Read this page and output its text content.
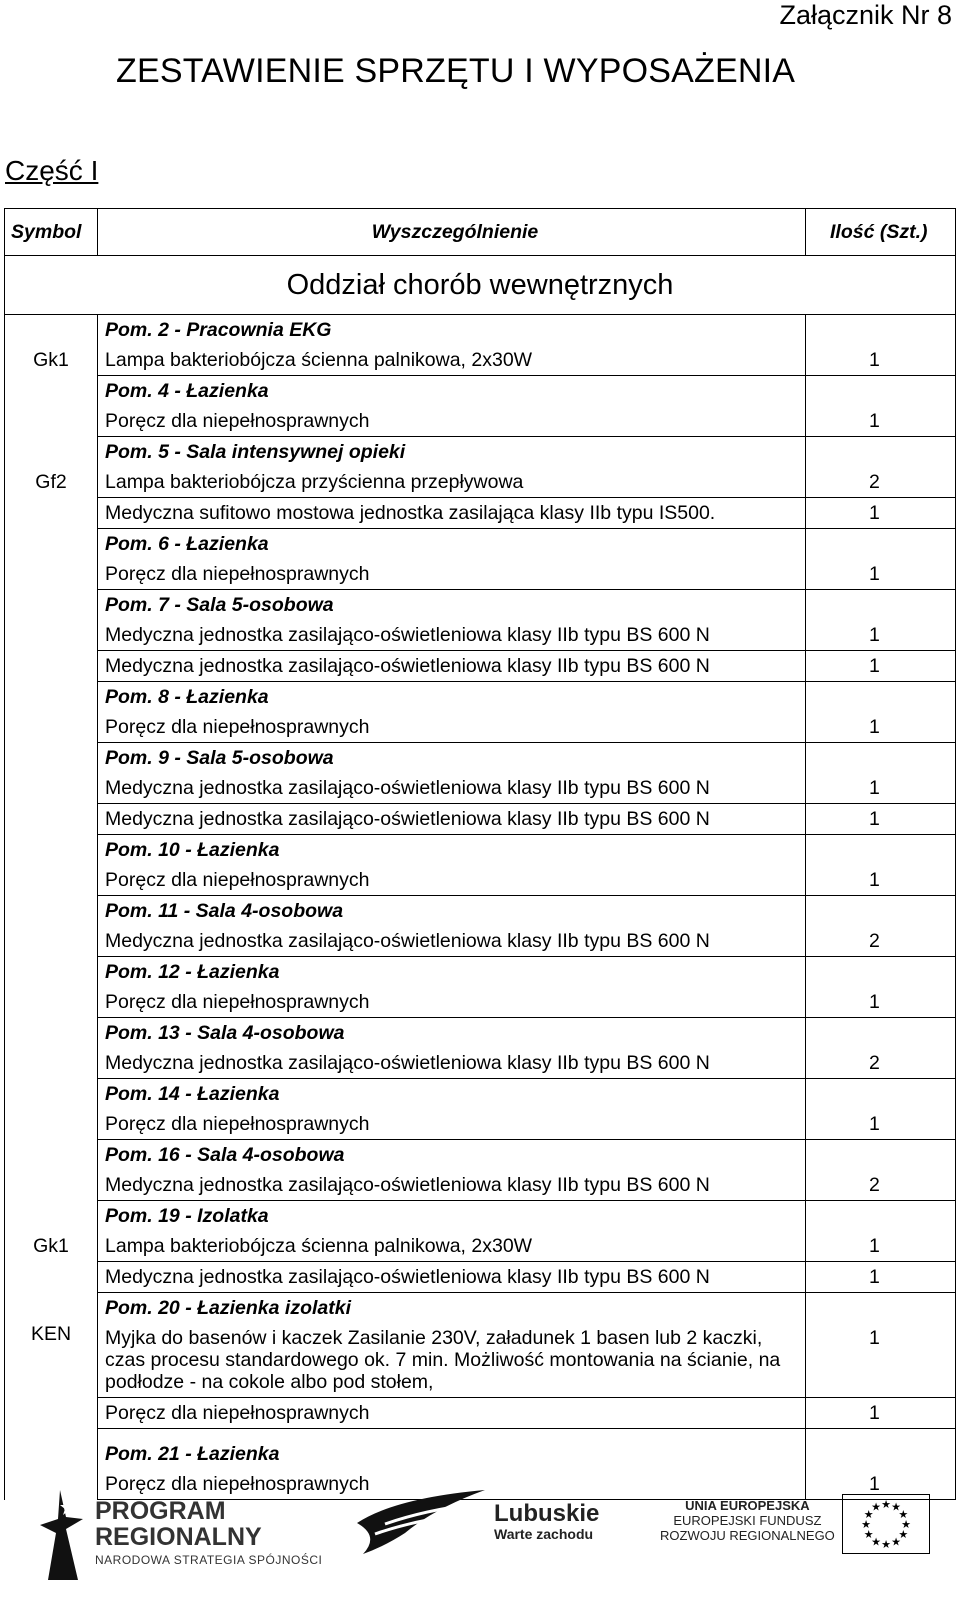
Załącznik Nr 8
ZESTAWIENIE SPRZĘTU I WYPOSAŻENIA
Część I
Symbol	Wyszczególnienie	Ilość (Szt.)
Oddział chorób wewnętrznych		
	Pom. 2 - Pracownia EKG	
Gk1	Lampa bakteriobójcza ścienna palnikowa, 2x30W	1
	Pom. 4 - Łazienka	
	Poręcz dla niepełnosprawnych	1
	Pom. 5 - Sala intensywnej opieki	
Gf2	Lampa bakteriobójcza przyścienna przepływowa	2
	Medyczna sufitowo mostowa jednostka zasilająca klasy IIb typu IS500.	1
	Pom. 6 - Łazienka	
	Poręcz dla niepełnosprawnych	1
	Pom. 7 - Sala 5-osobowa	
	Medyczna jednostka zasilająco-oświetleniowa klasy IIb typu BS 600 N	1
	Medyczna jednostka zasilająco-oświetleniowa klasy IIb typu BS 600 N	1
	Pom. 8 - Łazienka	
	Poręcz dla niepełnosprawnych	1
	Pom. 9 - Sala 5-osobowa	
	Medyczna jednostka zasilająco-oświetleniowa klasy IIb typu BS 600 N	1
	Medyczna jednostka zasilająco-oświetleniowa klasy IIb typu BS 600 N	1
	Pom. 10 - Łazienka	
	Poręcz dla niepełnosprawnych	1
	Pom. 11 - Sala 4-osobowa	
	Medyczna jednostka zasilająco-oświetleniowa klasy IIb typu BS 600 N	2
	Pom. 12 - Łazienka	
	Poręcz dla niepełnosprawnych	1
	Pom. 13 - Sala 4-osobowa	
	Medyczna jednostka zasilająco-oświetleniowa klasy IIb typu BS 600 N	2
	Pom. 14 - Łazienka	
	Poręcz dla niepełnosprawnych	1
	Pom. 16 - Sala 4-osobowa	
	Medyczna jednostka zasilająco-oświetleniowa klasy IIb typu BS 600 N	2
	Pom. 19 - Izolatka	
Gk1	Lampa bakteriobójcza ścienna palnikowa, 2x30W	1
	Medyczna jednostka zasilająco-oświetleniowa klasy IIb typu BS 600 N	1
	Pom. 20 - Łazienka izolatki	
KEN	Myjka do basenów i kaczek Zasilanie 230V, załadunek 1 basen lub 2 kaczki, czas procesu standardowego ok. 7 min. Możliwość montowania na ścianie, na podłodze - na cokole albo pod stołem,	1
	Poręcz dla niepełnosprawnych	1

	Pom. 21 - Łazienka	
	Poręcz dla niepełnosprawnych	1
PROGRAM
REGIONALNY
NARODOWA STRATEGIA SPÓJNOŚCI
Lubuskie
Warte zachodu
UNIA EUROPEJSKA
EUROPEJSKI FUNDUSZ
ROZWOJU REGIONALNEGO
★ ★
★
★
★
★
★
★
★
★
★
★
